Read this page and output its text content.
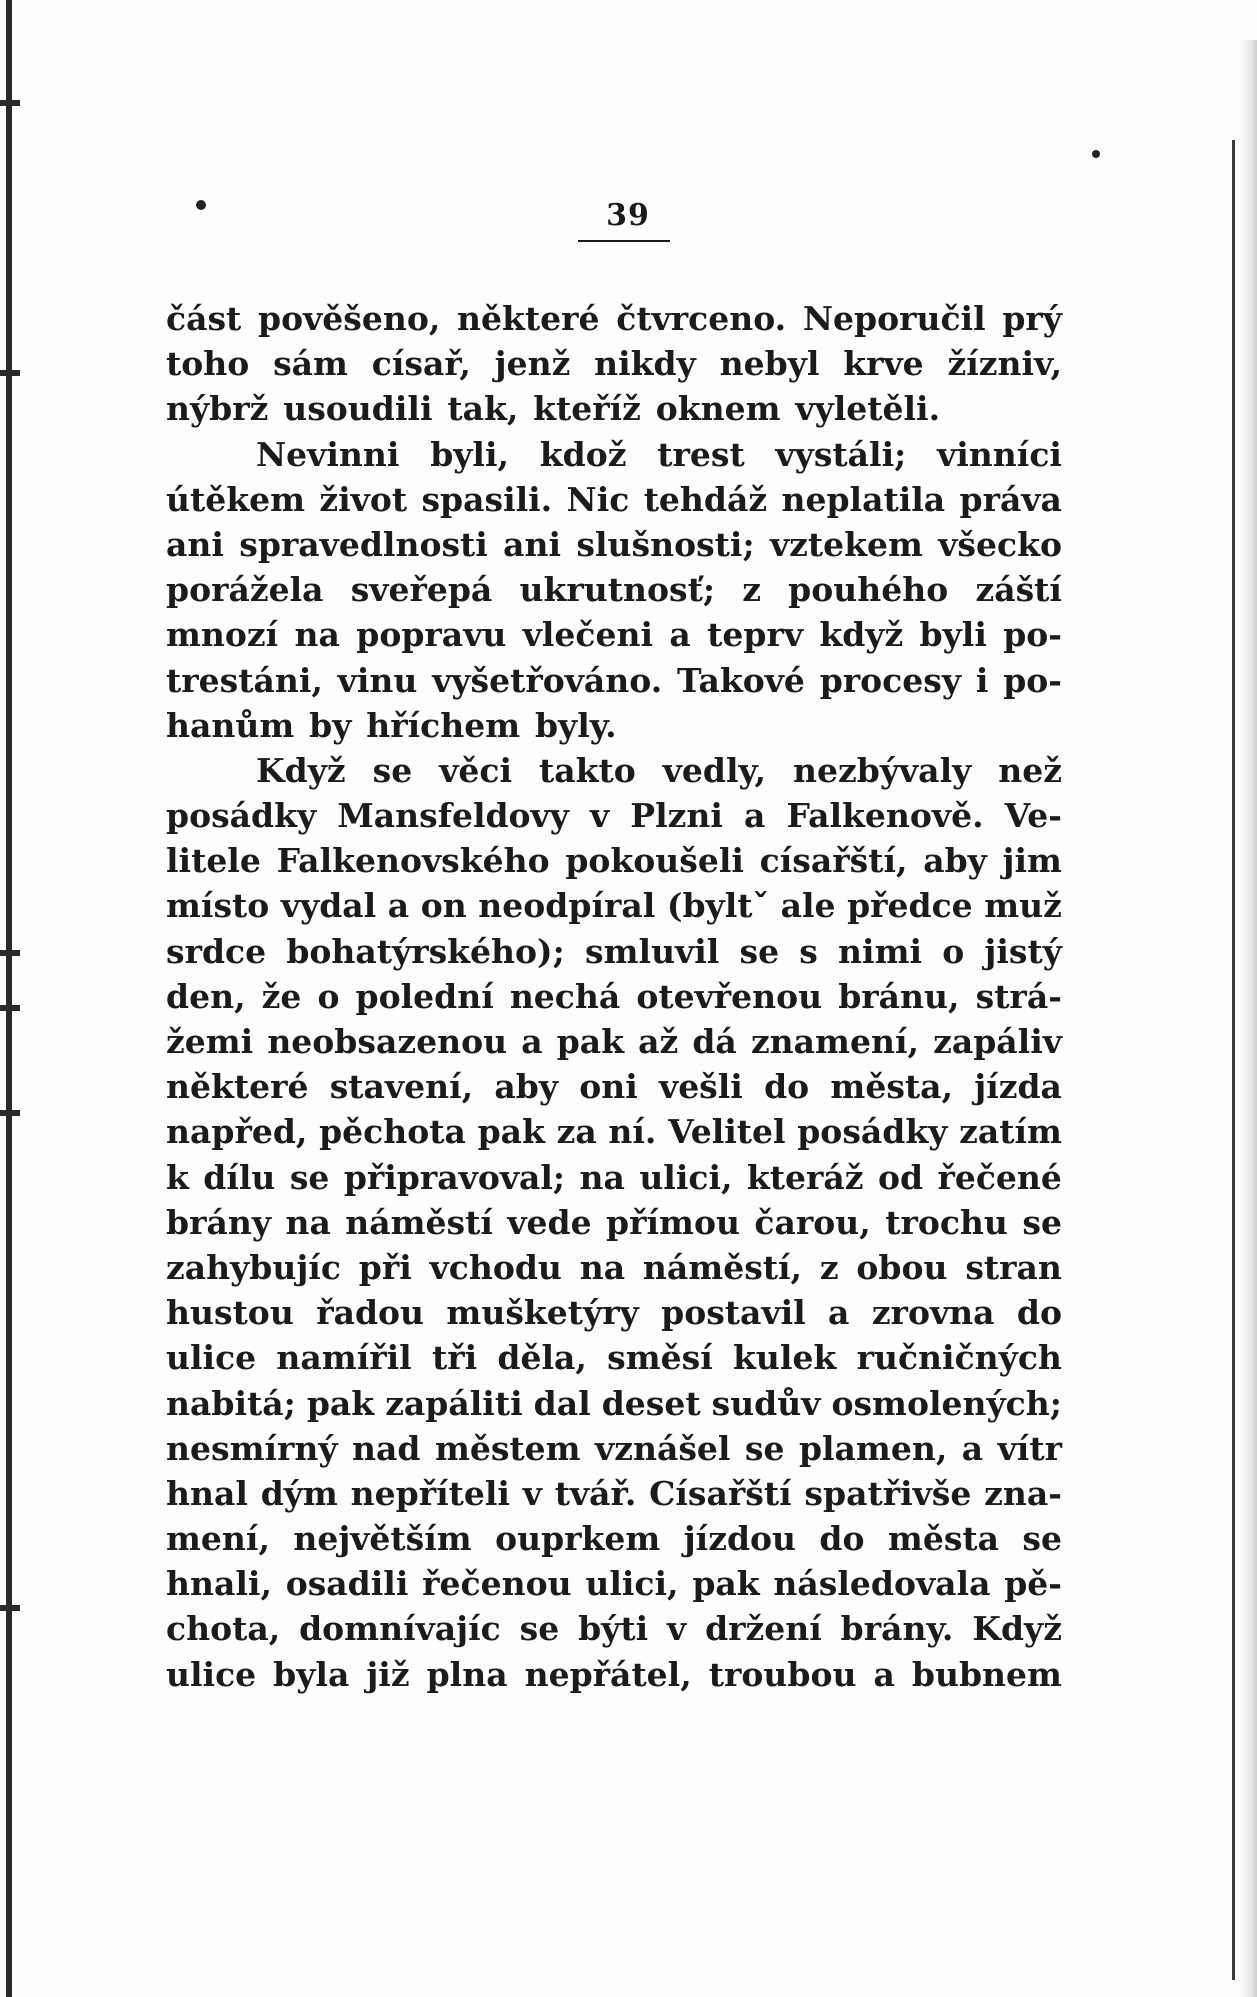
39
část pověšeno, některé čtvrceno. Neporučil prý
toho sám císař, jenž nikdy nebyl krve žízniv,
nýbrž usoudili tak, kteříž oknem vyletěli.
Nevinni byli, kdož trest vystáli; vinníci
útěkem život spasili. Nic tehdáž neplatila práva
ani spravedlnosti ani slušnosti; vztekem všecko
porážela sveřepá ukrutnosť; z pouhého záští
mnozí na popravu vlečeni a teprv když byli po-
trestáni, vinu vyšetřováno. Takové procesy i po-
hanům by hříchem byly.
Když se věci takto vedly, nezbývaly než
posádky Mansfeldovy v Plzni a Falkenově. Ve-
litele Falkenovského pokoušeli císařští, aby jim
místo vydal a on neodpíral (byltˇ ale předce muž
srdce bohatýrského); smluvil se s nimi o jistý
den, že o polední nechá otevřenou bránu, strá-
žemi neobsazenou a pak až dá znamení, zapáliv
některé stavení, aby oni vešli do města, jízda
napřed, pěchota pak za ní. Velitel posádky zatím
k dílu se připravoval; na ulici, kteráž od řečené
brány na náměstí vede přímou čarou, trochu se
zahybujíc při vchodu na náměstí, z obou stran
hustou řadou mušketýry postavil a zrovna do
ulice namířil tři děla, směsí kulek ručničných
nabitá; pak zapáliti dal deset sudův osmolených;
nesmírný nad městem vznášel se plamen, a vítr
hnal dým nepříteli v tvář. Císařští spatřivše zna-
mení, největším ouprkem jízdou do města se
hnali, osadili řečenou ulici, pak následovala pě-
chota, domnívajíc se býti v držení brány. Když
ulice byla již plna nepřátel, troubou a bubnem
